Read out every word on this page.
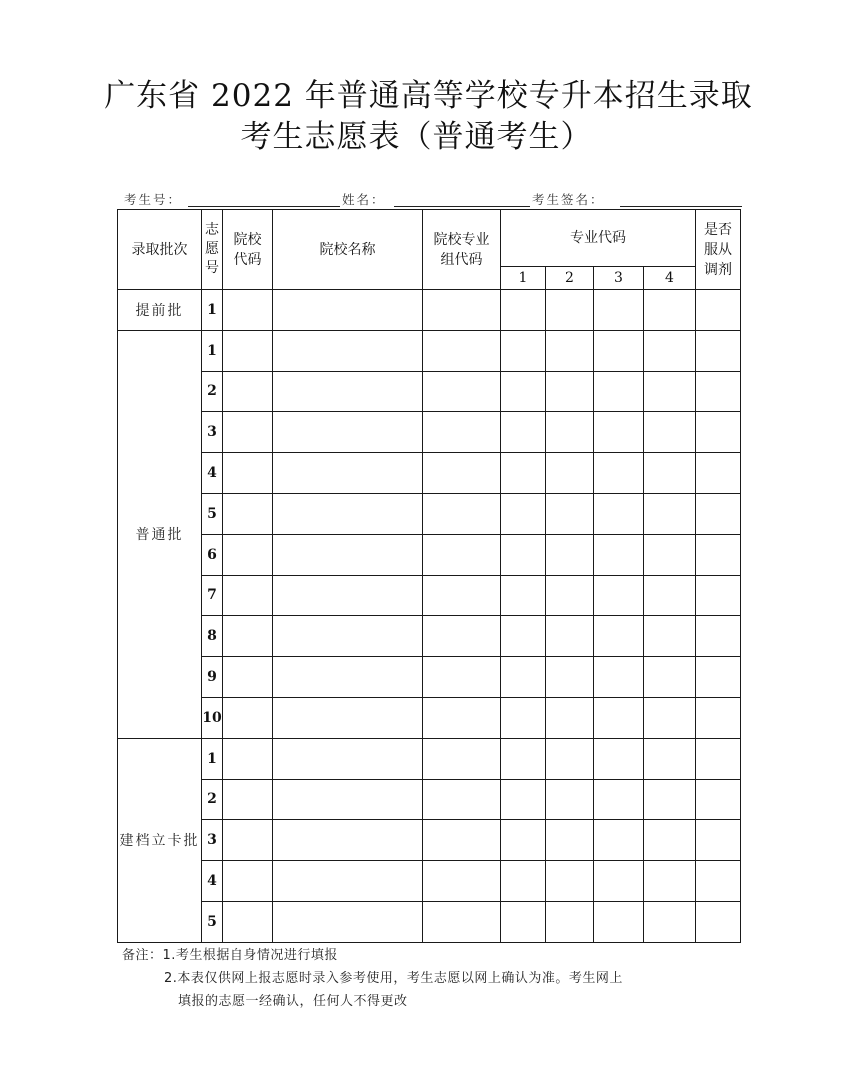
广东省 2022 年普通高等学校专升本招生录取
考生志愿表（普通考生）
考生号：	姓名：	考生签名：
录取批次	志愿号	院校代码	院校名称	院校专业组代码	专业代码				是否服从调剂
					1	2	3	4	
提前批	1								
普通批	1								
	2								
	3								
	4								
	5								
	6								
	7								
	8								
	9								
	10								
建档立卡批	1								
	2								
	3								
	4								
	5								
备注：1.考生根据自身情况进行填报
2.本表仅供网上报志愿时录入参考使用，考生志愿以网上确认为准。考生网上
填报的志愿一经确认，任何人不得更改
